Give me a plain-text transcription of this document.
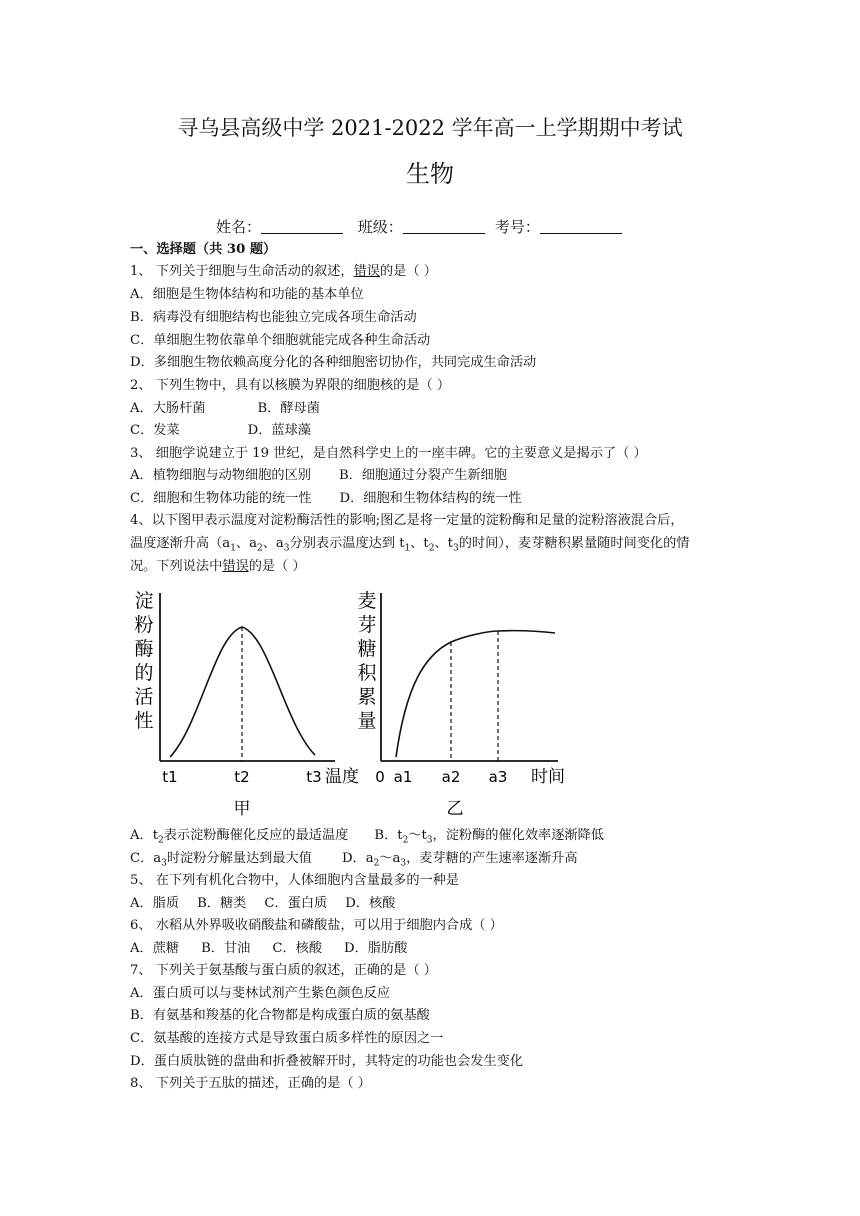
寻乌县高级中学 2021-2022 学年高一上学期期中考试
生物
姓名：	班级：	考号：
一、选择题（共 30 题）
1、 下列关于细胞与生命活动的叙述，错误的是（ ）
A．细胞是生物体结构和功能的基本单位
B．病毒没有细胞结构也能独立完成各项生命活动
C．单细胞生物依靠单个细胞就能完成各种生命活动
D．多细胞生物依赖高度分化的各种细胞密切协作，共同完成生命活动
2、 下列生物中，具有以核膜为界限的细胞核的是（ ）
A．大肠杆菌	B．酵母菌
C．发菜	D．蓝球藻
3、 细胞学说建立于 19 世纪，是自然科学史上的一座丰碑。它的主要意义是揭示了（ ）
A．植物细胞与动物细胞的区别 B．细胞通过分裂产生新细胞
C．细胞和生物体功能的统一性 D．细胞和生物体结构的统一性
4、以下图甲表示温度对淀粉酶活性的影响;图乙是将一定量的淀粉酶和足量的淀粉溶液混合后，
温度逐渐升高（$a_1$、$a_2$、$a_3$分别表示温度达到 $t_1$、$t_2$、$t_3$的时间），麦芽糖积累量随时间变化的情
况。下列说法中错误的是（ ）
淀
粉
酶
的
活
性
t1	t2	t3 温度
甲
麦
芽
糖
积
累
量
0 a1 a2 a3 时间
乙
A．$t_2$表示淀粉酶催化反应的最适温度 B．$t_2\sim t_3$，淀粉酶的催化效率逐渐降低
C．$a_3$时淀粉分解量达到最大值 D．$a_2\sim a_3$，麦芽糖的产生速率逐渐升高
5、 在下列有机化合物中，人体细胞内含量最多的一种是
A．脂质 B．糖类 C．蛋白质 D．核酸
6、 水稻从外界吸收硝酸盐和磷酸盐，可以用于细胞内合成（ ）
A．蔗糖 B．甘油 C．核酸 D．脂肪酸
7、 下列关于氨基酸与蛋白质的叙述，正确的是（ ）
A．蛋白质可以与斐林试剂产生紫色颜色反应
B．有氨基和羧基的化合物都是构成蛋白质的氨基酸
C．氨基酸的连接方式是导致蛋白质多样性的原因之一
D．蛋白质肽链的盘曲和折叠被解开时，其特定的功能也会发生变化
8、 下列关于五肽的描述，正确的是（ ）
